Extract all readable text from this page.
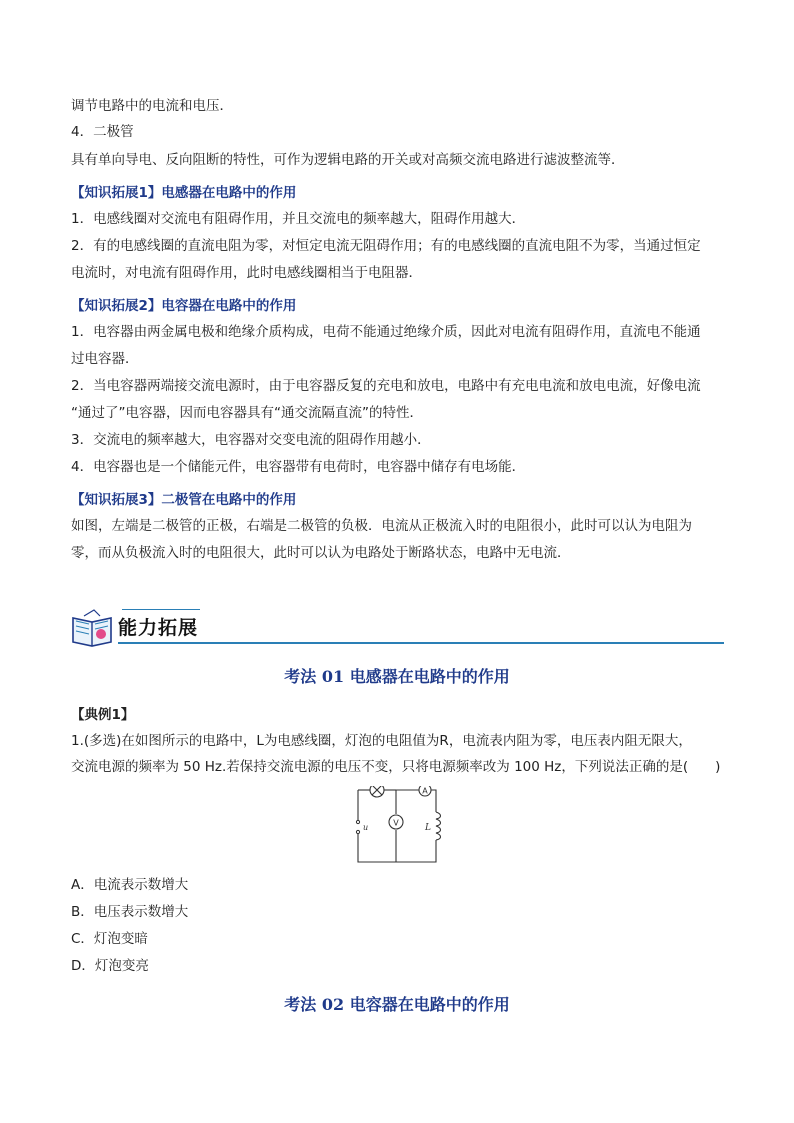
调节电路中的电流和电压．
4．二极管
具有单向导电、反向阻断的特性，可作为逻辑电路的开关或对高频交流电路进行滤波整流等．
【知识拓展1】电感器在电路中的作用
1．电感线圈对交流电有阻碍作用，并且交流电的频率越大，阻碍作用越大．
2．有的电感线圈的直流电阻为零，对恒定电流无阻碍作用；有的电感线圈的直流电阻不为零，当通过恒定
电流时，对电流有阻碍作用，此时电感线圈相当于电阻器．
【知识拓展2】电容器在电路中的作用
1．电容器由两金属电极和绝缘介质构成，电荷不能通过绝缘介质，因此对电流有阻碍作用，直流电不能通
过电容器．
2．当电容器两端接交流电源时，由于电容器反复的充电和放电，电路中有充电电流和放电电流，好像电流
“通过了”电容器，因而电容器具有“通交流隔直流”的特性．
3．交流电的频率越大，电容器对交变电流的阻碍作用越小．
4．电容器也是一个储能元件，电容器带有电荷时，电容器中储存有电场能．
【知识拓展3】二极管在电路中的作用
如图，左端是二极管的正极，右端是二极管的负极．电流从正极流入时的电阻很小，此时可以认为电阻为
零，而从负极流入时的电阻很大，此时可以认为电路处于断路状态，电路中无电流．
能力拓展
考法 01 电感器在电路中的作用
【典例1】
1.(多选)在如图所示的电路中，L为电感线圈，灯泡的电阻值为R，电流表内阻为零，电压表内阻无限大，
交流电源的频率为 50 Hz.若保持交流电源的电压不变，只将电源频率改为 100 Hz，下列说法正确的是(　　)
A
V
u	L
A．电流表示数增大
B．电压表示数增大
C．灯泡变暗
D．灯泡变亮
考法 02 电容器在电路中的作用
